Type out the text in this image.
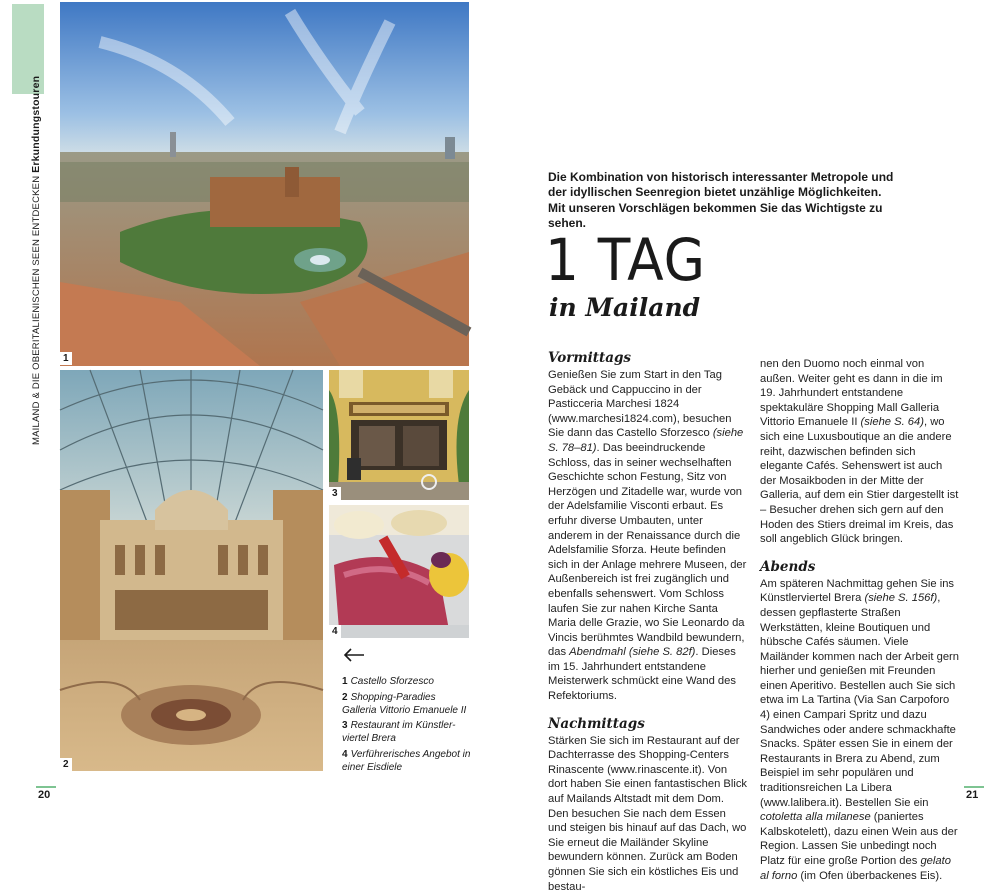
MAILAND & DIE OBERITALIENISCHEN SEEN ENTDECKEN Erkundungstouren
1
2
3
4
1 Castello Sforzesco
2 Shopping-Paradies Galleria Vittorio Emanuele II
3 Restaurant im Künstler-viertel Brera
4 Verführerisches Angebot in einer Eisdiele
20
Die Kombination von historisch interessanter Metropole und der idyllischen Seenregion bietet unzählige Möglichkeiten. Mit unseren Vorschlägen bekommen Sie das Wichtigste zu sehen.
1 TAG
in Mailand
Vormittags

Genießen Sie zum Start in den Tag Gebäck und Cappuccino in der Pasticceria Marchesi 1824 (www.marchesi1824.com), besuchen Sie dann das Castello Sforzesco (siehe S. 78–81). Das beeindruckende Schloss, das in seiner wechselhaften Geschichte schon Festung, Sitz von Herzögen und Zitadelle war, wurde von der Adelsfamilie Visconti erbaut. Es erfuhr diverse Umbauten, unter anderem in der Renaissance durch die Adelsfamilie Sforza. Heute befinden sich in der Anlage mehrere Museen, der Außenbereich ist frei zugänglich und ebenfalls sehenswert. Vom Schloss laufen Sie zur nahen Kirche Santa Maria delle Grazie, wo Sie Leonardo da Vincis berühmtes Wandbild bewundern, das Abendmahl (siehe S. 82f). Dieses im 15. Jahrhundert entstandene Meisterwerk schmückt eine Wand des Refektoriums.

Nachmittags

Stärken Sie sich im Restaurant auf der Dachterrasse des Shopping-Centers Rinascente (www.rinascente.it). Von dort haben Sie einen fantastischen Blick auf Mailands Altstadt mit dem Dom. Den besuchen Sie nach dem Essen und steigen bis hinauf auf das Dach, wo Sie erneut die Mailänder Skyline bewundern können. Zurück am Boden gönnen Sie sich ein köstliches Eis und bestau-

nen den Duomo noch einmal von außen. Weiter geht es dann in die im 19. Jahrhundert entstandene spektakuläre Shopping Mall Galleria Vittorio Emanuele II (siehe S. 64), wo sich eine Luxusboutique an die andere reiht, dazwischen befinden sich elegante Cafés. Sehenswert ist auch der Mosaikboden in der Mitte der Galleria, auf dem ein Stier dargestellt ist – Besucher drehen sich gern auf den Hoden des Stiers dreimal im Kreis, das soll angeblich Glück bringen.

Abends

Am späteren Nachmittag gehen Sie ins Künstlerviertel Brera (siehe S. 156f), dessen gepflasterte Straßen Werkstätten, kleine Boutiquen und hübsche Cafés säumen. Viele Mailänder kommen nach der Arbeit gern hierher und genießen mit Freunden einen Aperitivo. Bestellen auch Sie sich etwa im La Tartina (Via San Carpoforo 4) einen Campari Spritz und dazu Sandwiches oder andere schmackhafte Snacks. Später essen Sie in einem der Restaurants in Brera zu Abend, zum Beispiel im sehr populären und traditionsreichen La Libera (www.lalibera.it). Bestellen Sie ein cotoletta alla milanese (paniertes Kalbskotelett), dazu einen Wein aus der Region. Lassen Sie unbedingt noch Platz für eine große Portion des gelato al forno (im Ofen überbackenes Eis).

21
